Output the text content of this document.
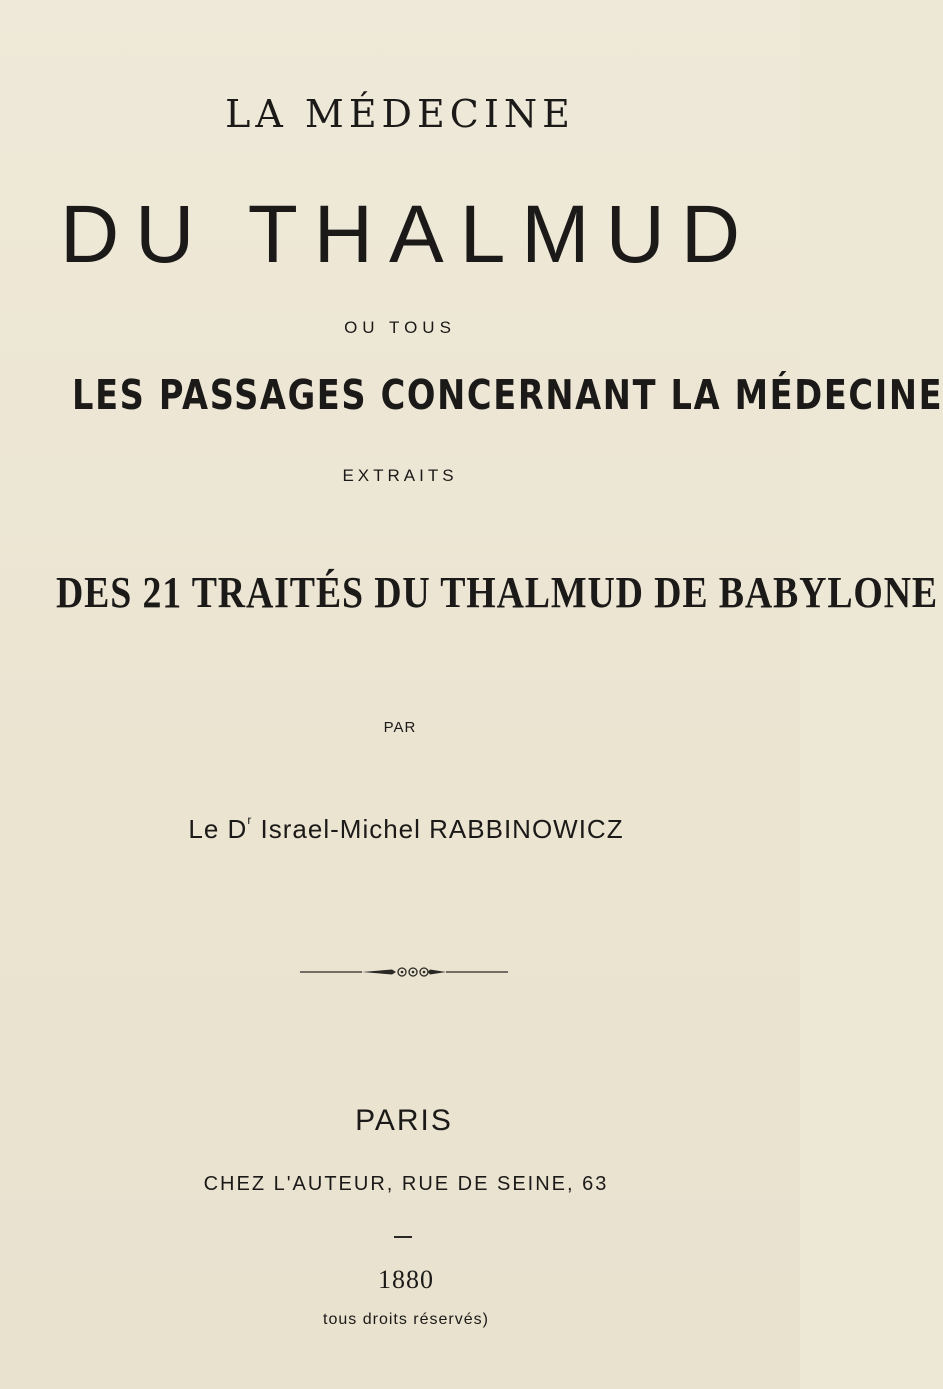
LA MÉDECINE
DU THALMUD
OU TOUS
LES PASSAGES CONCERNANT LA MÉDECINE
EXTRAITS
DES 21 TRAITÉS DU THALMUD DE BABYLONE
PAR
Le $D^r$ Israel-Michel RABBINOWICZ
PARIS
CHEZ L'AUTEUR, RUE DE SEINE, 63
1880
tous droits réservés)
